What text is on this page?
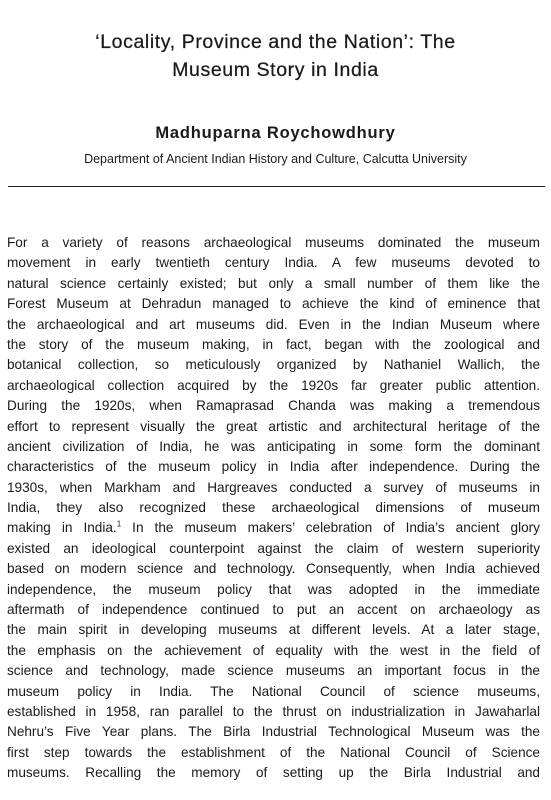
‘Locality, Province and the Nation’: The
Museum Story in India

Madhuparna Roychowdhury

Department of Ancient Indian History and Culture, Calcutta University

For a variety of reasons archaeological museums dominated the museum
movement in early twentieth century India. A few museums devoted to
natural science certainly existed; but only a small number of them like the
Forest Museum at Dehradun managed to achieve the kind of eminence that
the archaeological and art museums did. Even in the Indian Museum where
the story of the museum making, in fact, began with the zoological and
botanical collection, so meticulously organized by Nathaniel Wallich, the
archaeological collection acquired by the 1920s far greater public attention.
During the 1920s, when Ramaprasad Chanda was making a tremendous
effort to represent visually the great artistic and architectural heritage of the
ancient civilization of India, he was anticipating in some form the dominant
characteristics of the museum policy in India after independence. During the
1930s, when Markham and Hargreaves conducted a survey of museums in
India, they also recognized these archaeological dimensions of museum
making in India.$^1$ In the museum makers’ celebration of India’s ancient glory
existed an ideological counterpoint against the claim of western superiority
based on modern science and technology. Consequently, when India achieved
independence, the museum policy that was adopted in the immediate
aftermath of independence continued to put an accent on archaeology as
the main spirit in developing museums at different levels. At a later stage,
the emphasis on the achievement of equality with the west in the field of
science and technology, made science museums an important focus in the
museum policy in India. The National Council of science museums,
established in 1958, ran parallel to the thrust on industrialization in Jawaharlal
Nehru’s Five Year plans. The Birla Industrial Technological Museum was the
first step towards the establishment of the National Council of Science
museums. Recalling the memory of setting up the Birla Industrial and
